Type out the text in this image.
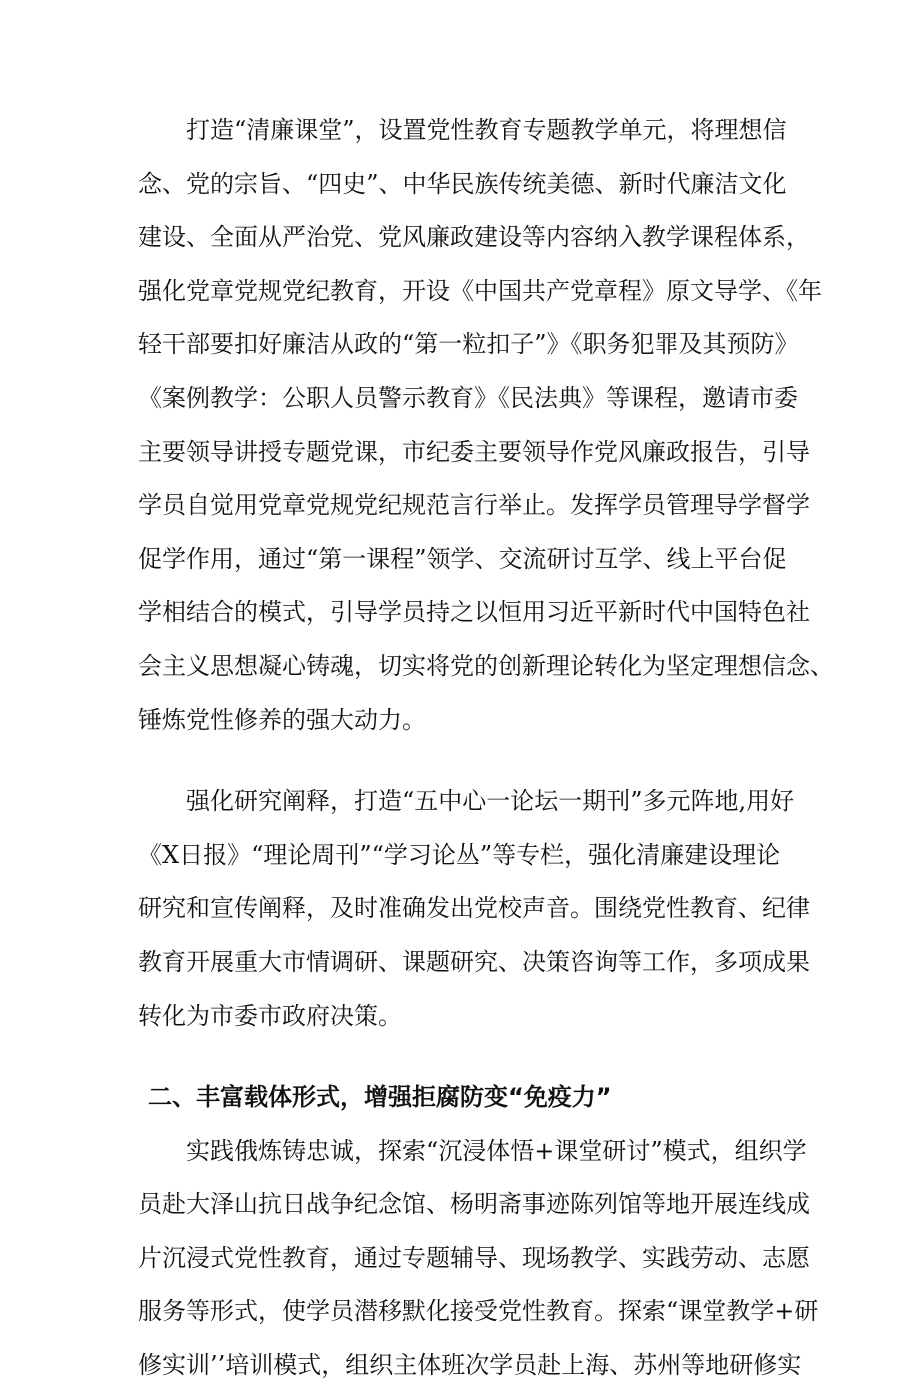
　　打造“清廉课堂”，设置党性教育专题教学单元，将理想信
念、党的宗旨、“四史”、中华民族传统美德、新时代廉洁文化
建设、全面从严治党、党风廉政建设等内容纳入教学课程体系，
强化党章党规党纪教育，开设《中国共产党章程》原文导学、《年
轻干部要扣好廉洁从政的“第一粒扣子”》《职务犯罪及其预防》
《案例教学：公职人员警示教育》《民法典》等课程，邀请市委
主要领导讲授专题党课，市纪委主要领导作党风廉政报告，引导
学员自觉用党章党规党纪规范言行举止。发挥学员管理导学督学
促学作用，通过“第一课程”领学、交流研讨互学、线上平台促
学相结合的模式，引导学员持之以恒用习近平新时代中国特色社
会主义思想凝心铸魂，切实将党的创新理论转化为坚定理想信念、
锤炼党性修养的强大动力。
　　强化研究阐释，打造“五中心一论坛一期刊”多元阵地,用好
《X日报》“理论周刊”“学习论丛”等专栏，强化清廉建设理论
研究和宣传阐释，及时准确发出党校声音。围绕党性教育、纪律
教育开展重大市情调研、课题研究、决策咨询等工作，多项成果
转化为市委市政府决策。
二、丰富载体形式，增强拒腐防变“免疫力”
　　实践俄炼铸忠诚，探索“沉浸体悟+课堂研讨”模式，组织学
员赴大泽山抗日战争纪念馆、杨明斋事迹陈列馆等地开展连线成
片沉浸式党性教育，通过专题辅导、现场教学、实践劳动、志愿
服务等形式，使学员潜移默化接受党性教育。探索“课堂教学+研
修实训’’培训模式，组织主体班次学员赴上海、苏州等地研修实
